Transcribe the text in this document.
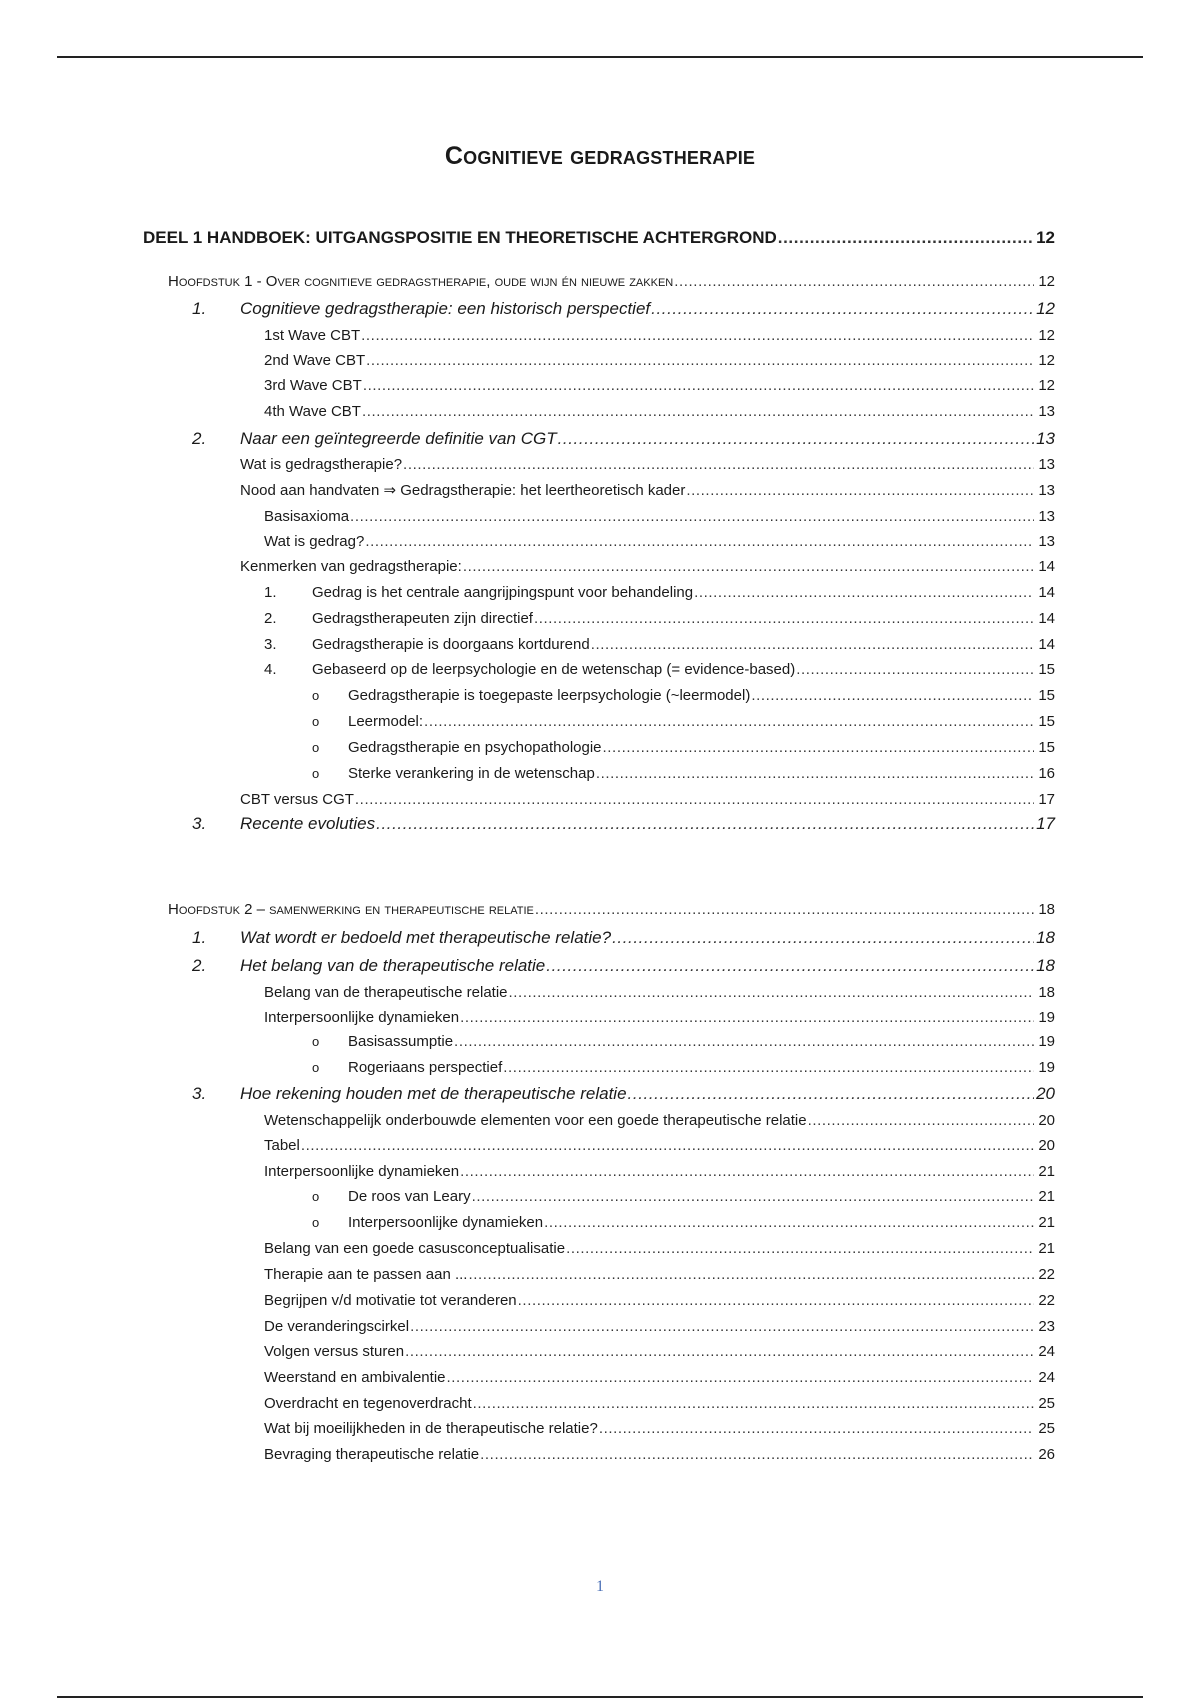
Cognitieve gedragstherapie
DEEL 1 HANDBOEK: UITGANGSPOSITIE EN THEORETISCHE ACHTERGROND .....	12
Hoofdstuk 1 - Over cognitieve gedragstherapie, oude wijn én nieuwe zakken .....	12
1.	Cognitieve gedragstherapie: een historisch perspectief .....	12
1st Wave CBT .....	12
2nd Wave CBT .....	12
3rd Wave CBT .....	12
4th Wave CBT .....	13
2.	Naar een geïntegreerde definitie van CGT .....	13
Wat is gedragstherapie? .....	13
Nood aan handvaten ⇒ Gedragstherapie: het leertheoretisch kader .....	13
Basisaxioma .....	13
Wat is gedrag? .....	13
Kenmerken van gedragstherapie: .....	14
1.	Gedrag is het centrale aangrijpingspunt voor behandeling .....	14
2.	Gedragstherapeuten zijn directief .....	14
3.	Gedragstherapie is doorgaans kortdurend .....	14
4.	Gebaseerd op de leerpsychologie en de wetenschap (= evidence-based) .....	15
o	Gedragstherapie is toegepaste leerpsychologie (~leermodel) .....	15
o	Leermodel: .....	15
o	Gedragstherapie en psychopathologie .....	15
o	Sterke verankering in de wetenschap .....	16
CBT versus CGT .....	17
3.	Recente evoluties .....	17
Hoofdstuk 2 – samenwerking en therapeutische relatie .....	18
1.	Wat wordt er bedoeld met therapeutische relatie? .....	18
2.	Het belang van de therapeutische relatie .....	18
Belang van de therapeutische relatie .....	18
Interpersoonlijke dynamieken .....	19
o	Basisassumptie .....	19
o	Rogeriaans perspectief .....	19
3.	Hoe rekening houden met de therapeutische relatie .....	20
Wetenschappelijk onderbouwde elementen voor een goede therapeutische relatie .....	20
Tabel .....	20
Interpersoonlijke dynamieken .....	21
o	De roos van Leary .....	21
o	Interpersoonlijke dynamieken .....	21
Belang van een goede casusconceptualisatie .....	21
Therapie aan te passen aan ... .....	22
Begrijpen v/d motivatie tot veranderen .....	22
De veranderingscirkel .....	23
Volgen versus sturen .....	24
Weerstand en ambivalentie .....	24
Overdracht en tegenoverdracht .....	25
Wat bij moeilijkheden in de therapeutische relatie? .....	25
Bevraging therapeutische relatie .....	26
1
